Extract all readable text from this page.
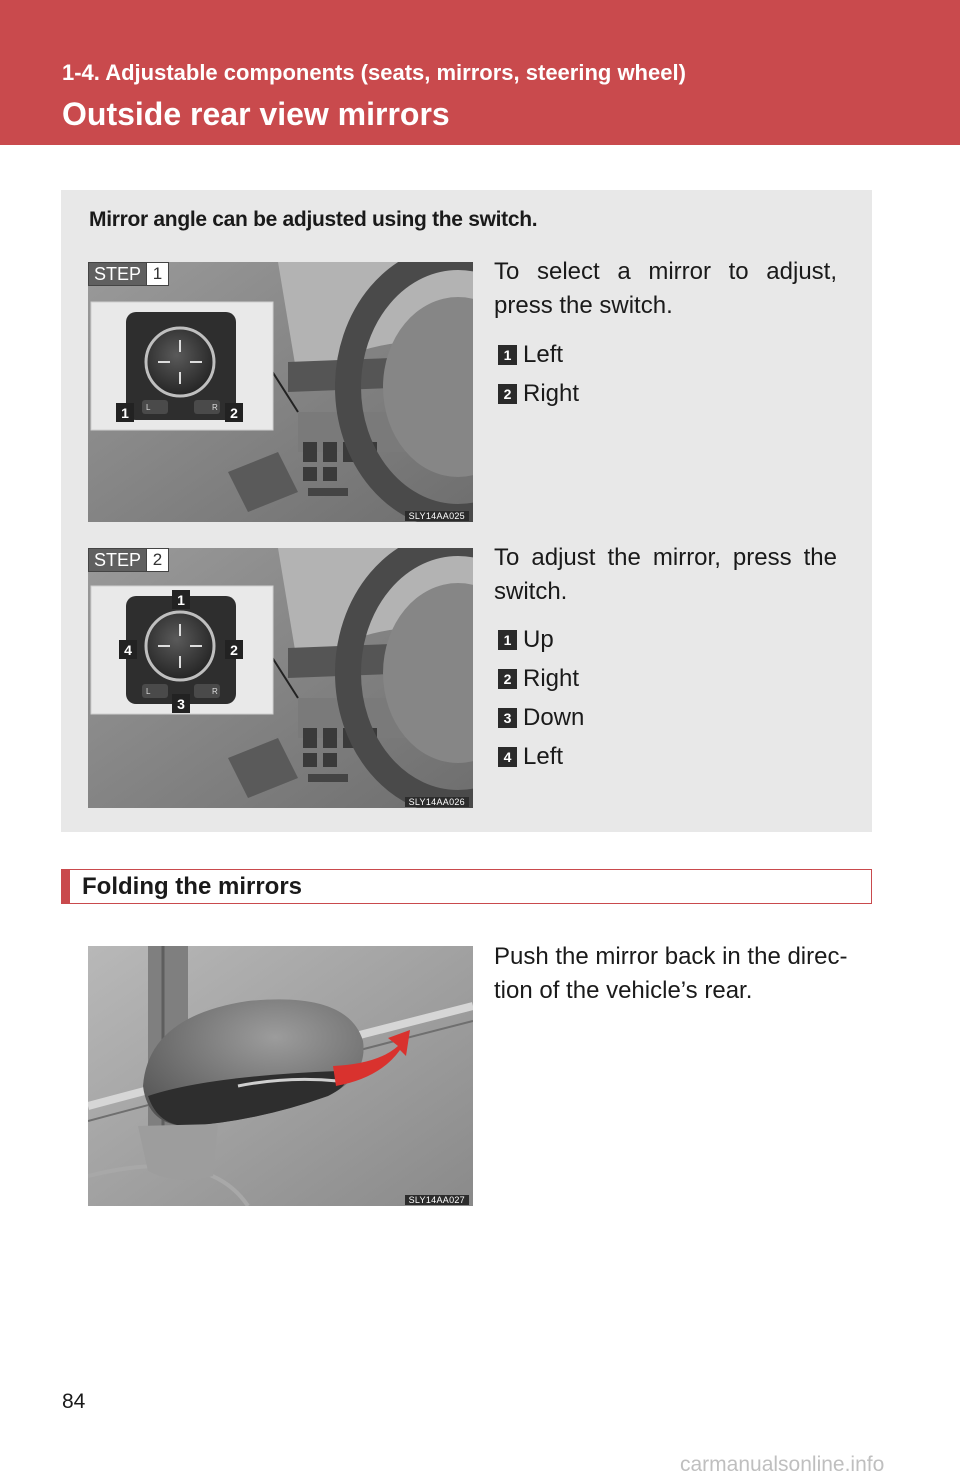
1-4. Adjustable components (seats, mirrors, steering wheel)
Outside rear view mirrors
Mirror angle can be adjusted using the switch.
STEP 1
L	R
1	2
SLY14AA025
To select a mirror to adjust, press the switch.
1 Left
2 Right
STEP 2
L	R
1
2
3
4
SLY14AA026
To adjust the mirror, press the switch.
1 Up
2 Right
3 Down
4 Left
Folding the mirrors
SLY14AA027
Push the mirror back in the direc-tion of the vehicle’s rear.
84
carmanualsonline.info
